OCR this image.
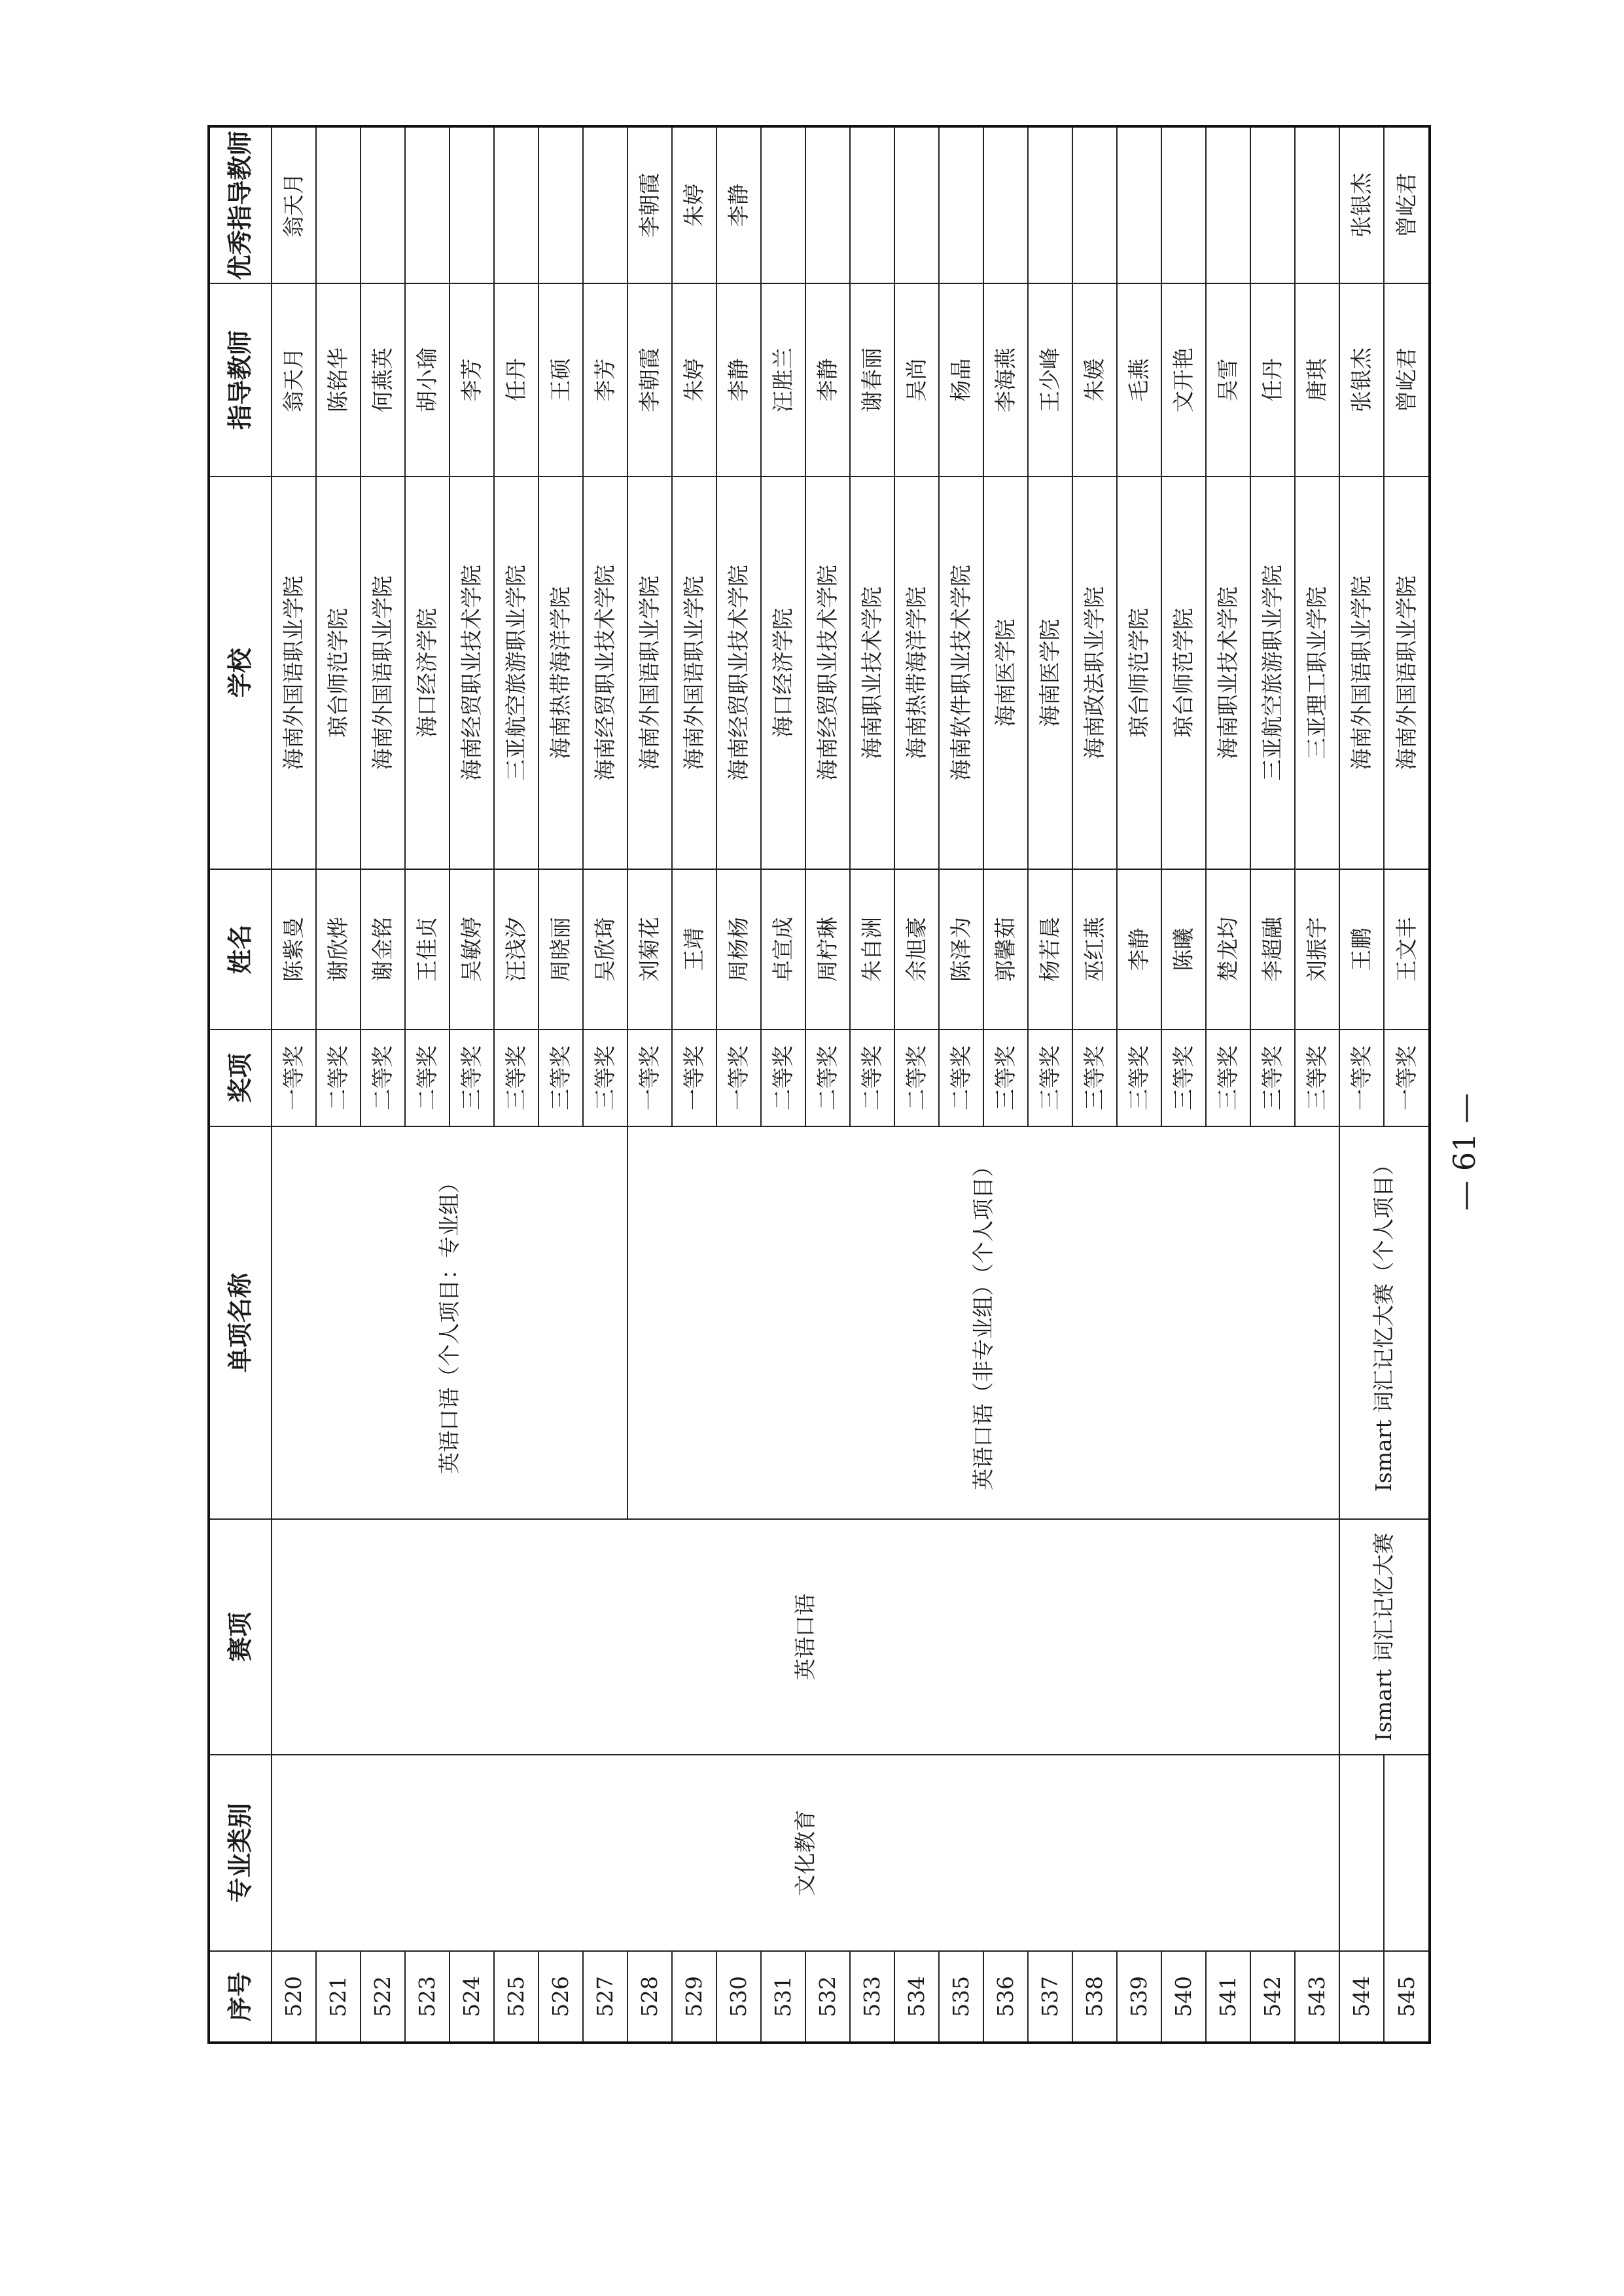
序号	专业类别	赛项	单项名称	奖项	姓名	学校	指导教师	优秀指导教师
520	文化教育	英语口语	英语口语（个人项目：专业组）	一等奖	陈紫曼	海南外国语职业学院	翁天月	翁天月
521				二等奖	谢欣烨	琼台师范学院	陈铭华	
522				二等奖	谢金铭	海南外国语职业学院	何燕英	
523				二等奖	王佳贞	海口经济学院	胡小瑜	
524				三等奖	吴敏婷	海南经贸职业技术学院	李芳	
525				三等奖	汪浅汐	三亚航空旅游职业学院	任丹	
526				三等奖	周晓丽	海南热带海洋学院	王硕	
527				三等奖	吴欣琦	海南经贸职业技术学院	李芳	
528			英语口语（非专业组）（个人项目）	一等奖	刘菊花	海南外国语职业学院	李朝霞	李朝霞
529				一等奖	王靖	海南外国语职业学院	朱婷	朱婷
530				一等奖	周杨杨	海南经贸职业技术学院	李静	李静
531				二等奖	卓宣成	海口经济学院	汪胜兰	
532				二等奖	周柠琳	海南经贸职业技术学院	李静	
533				二等奖	朱自洲	海南职业技术学院	谢春丽	
534				二等奖	余旭豪	海南热带海洋学院	吴尚	
535				二等奖	陈泽为	海南软件职业技术学院	杨晶	
536				三等奖	郭馨茹	海南医学院	李海燕	
537				三等奖	杨若晨	海南医学院	王少峰	
538				三等奖	巫红燕	海南政法职业学院	朱媛	
539				三等奖	李静	琼台师范学院	毛燕	
540				三等奖	陈曦	琼台师范学院	文开艳	
541				三等奖	楚龙均	海南职业技术学院	吴雪	
542				三等奖	李超融	三亚航空旅游职业学院	任丹	
543				三等奖	刘振宇	三亚理工职业学院	唐琪	
544		Ismart 词汇记忆大赛	Ismart 词汇记忆大赛（个人项目）	一等奖	王鹏	海南外国语职业学院	张银杰	张银杰
545				一等奖	王文丰	海南外国语职业学院	曾屹君	曾屹君
— 61 —
